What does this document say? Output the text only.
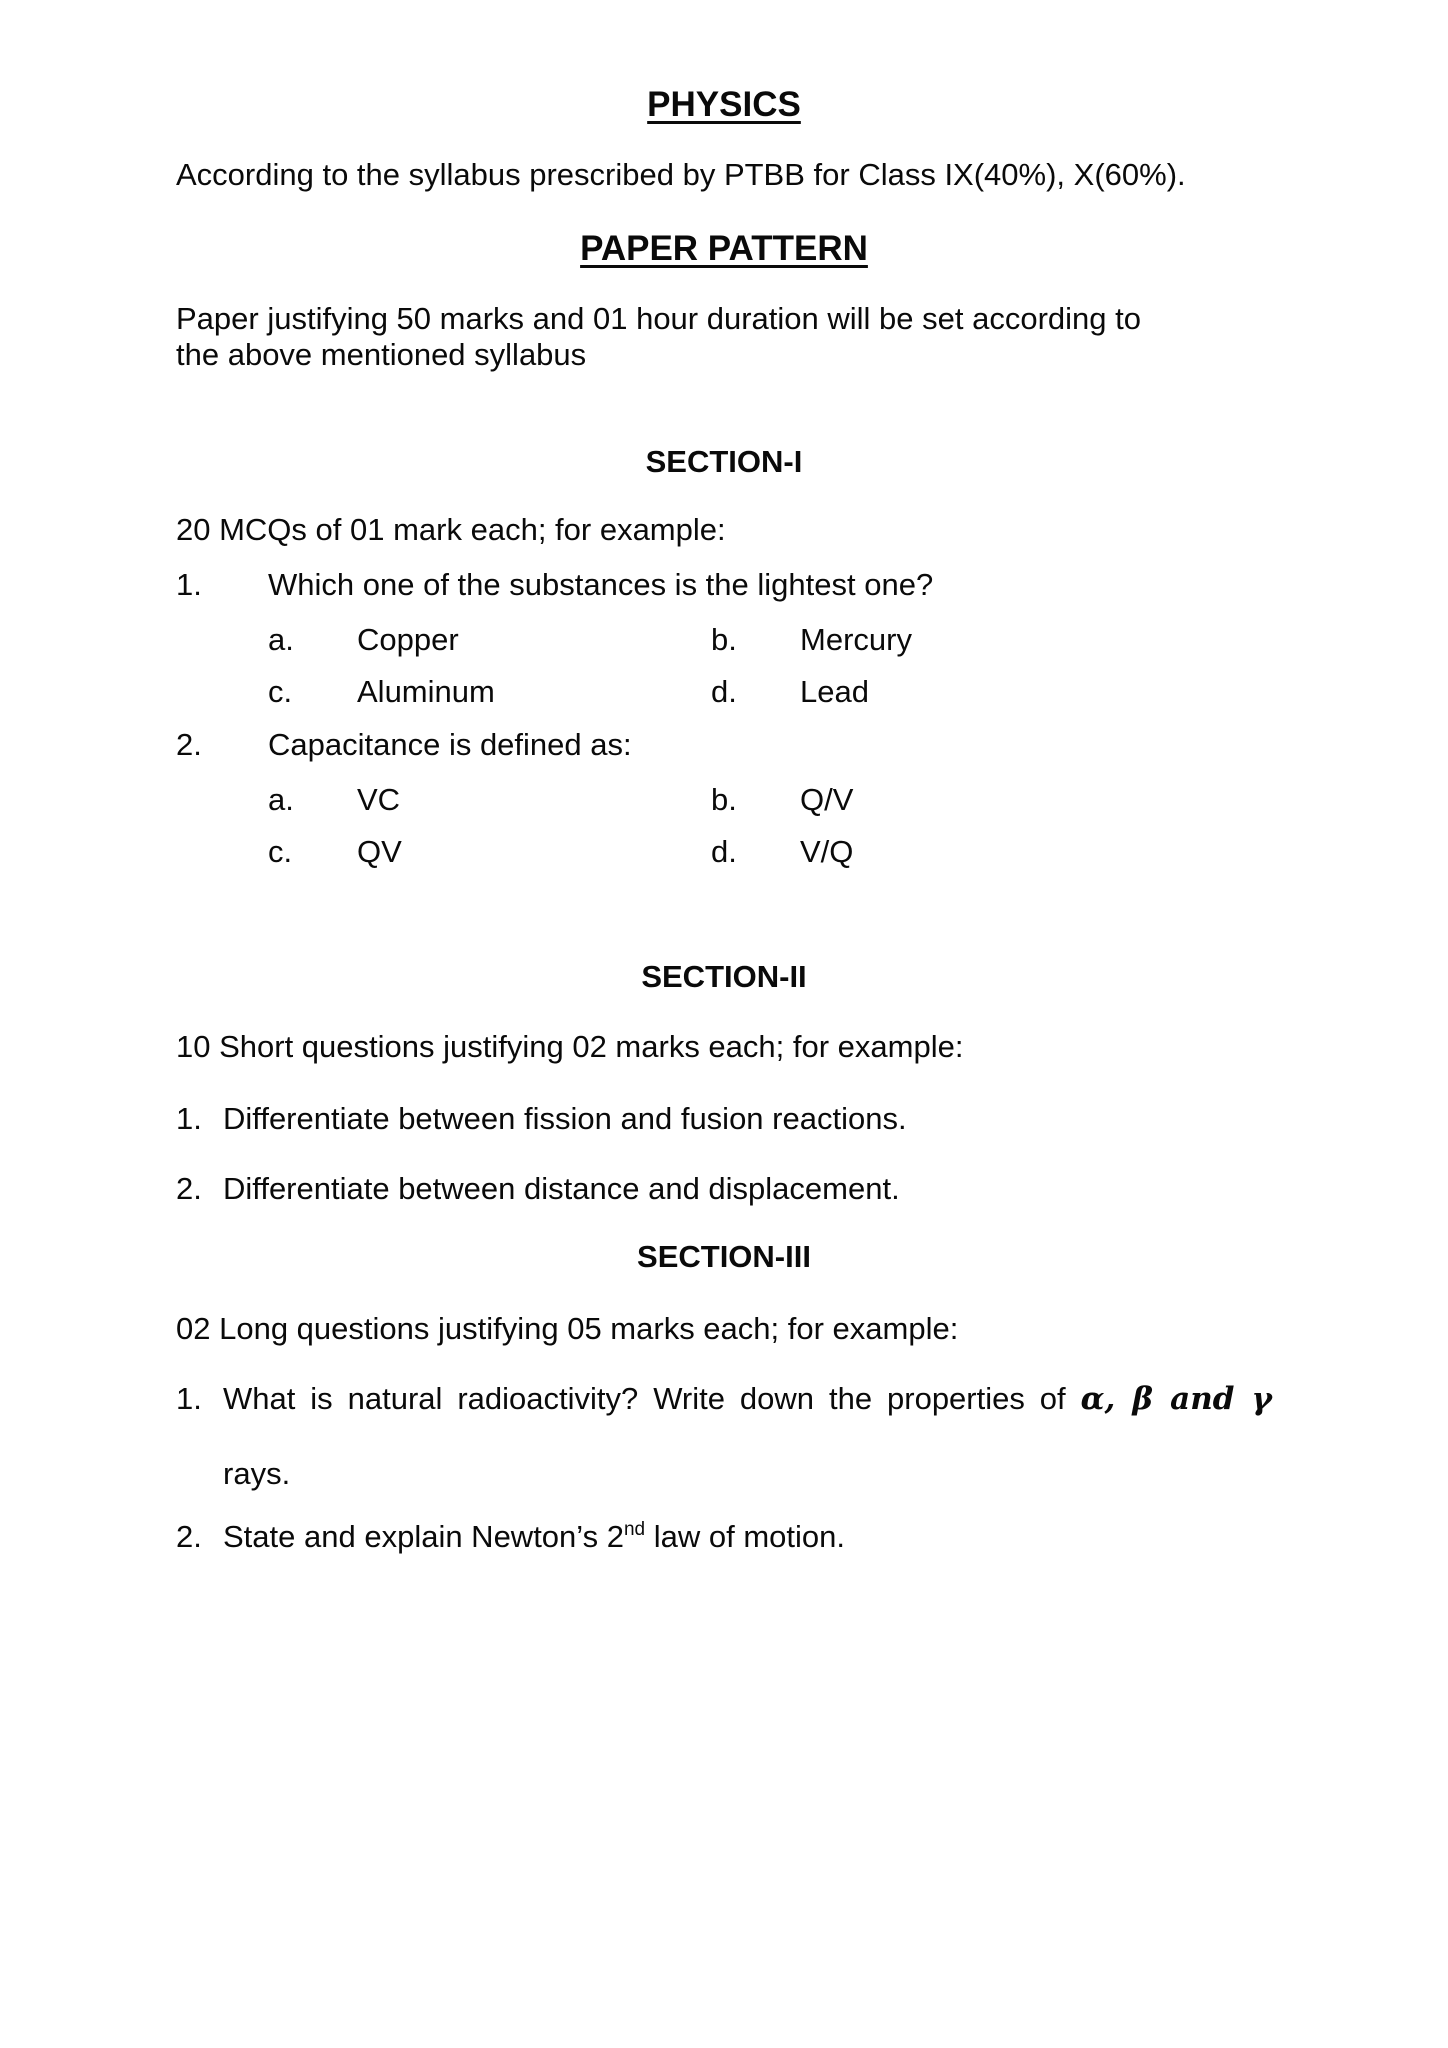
PHYSICS

According to the syllabus prescribed by PTBB for Class IX(40%), X(60%).

PAPER PATTERN

Paper justifying 50 marks and 01 hour duration will be set according to
the above mentioned syllabus

SECTION-I

20 MCQs of 01 mark each; for example:

1.	Which one of the substances is the lightest one?
a.	Copper	b.	Mercury
c.	Aluminum	d.	Lead
2.	Capacitance is defined as:
a.	VC	b.	Q/V
c.	QV	d.	V/Q
SECTION-II

10 Short questions justifying 02 marks each; for example:

1. Differentiate between fission and fusion reactions.
2. Differentiate between distance and displacement.
SECTION-III

02 Long questions justifying 05 marks each; for example:

1. What is natural radioactivity? Write down the properties of α, β and γ
rays.
2. State and explain Newton’s 2nd law of motion.
